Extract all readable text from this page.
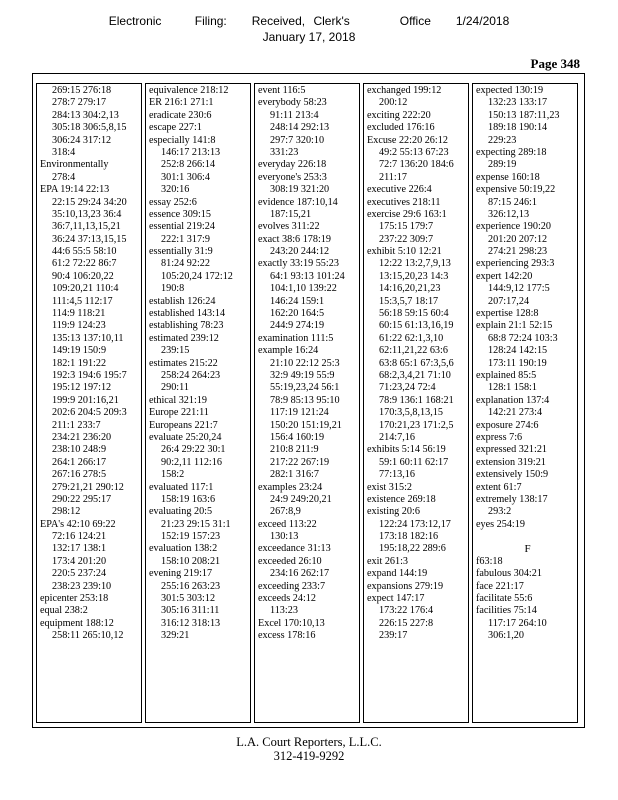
Electronic    Filing:   Received, Clerk's      Office   1/24/2018
January 17, 2018
Page 348
269:15 276:18
278:7 279:17
284:13 304:2,13
305:18 306:5,8,15
306:24 317:12
318:4
Environmentally
278:4
EPA 19:14 22:13
22:15 29:24 34:20
35:10,13,23 36:4
36:7,11,13,15,21
36:24 37:13,15,15
44:6 55:5 58:10
61:2 72:22 86:7
90:4 106:20,22
109:20,21 110:4
111:4,5 112:17
114:9 118:21
119:9 124:23
135:13 137:10,11
149:19 150:9
182:1 191:22
192:3 194:6 195:7
195:12 197:12
199:9 201:16,21
202:6 204:5 209:3
211:1 233:7
234:21 236:20
238:10 248:9
264:1 266:17
267:16 278:5
279:21,21 290:12
290:22 295:17
298:12
EPA's 42:10 69:22
72:16 124:21
132:17 138:1
173:4 201:20
220:5 237:24
238:23 239:10
epicenter 253:18
equal 238:2
equipment 188:12
258:11 265:10,12
equivalence 218:12
ER 216:1 271:1
eradicate 230:6
escape 227:1
especially 141:8
146:17 213:13
252:8 266:14
301:1 306:4
320:16
essay 252:6
essence 309:15
essential 219:24
222:1 317:9
essentially 31:9
81:24 92:22
105:20,24 172:12
190:8
establish 126:24
established 143:14
establishing 78:23
estimated 239:12
239:15
estimates 215:22
258:24 264:23
290:11
ethical 321:19
Europe 221:11
Europeans 221:7
evaluate 25:20,24
26:4 29:22 30:1
90:2,11 112:16
158:2
evaluated 117:1
158:19 163:6
evaluating 20:5
21:23 29:15 31:1
152:19 157:23
evaluation 138:2
158:10 208:21
evening 219:17
255:16 263:23
301:5 303:12
305:16 311:11
316:12 318:13
329:21
event 116:5
everybody 58:23
91:11 213:4
248:14 292:13
297:7 320:10
331:23
everyday 226:18
everyone's 253:3
308:19 321:20
evidence 187:10,14
187:15,21
evolves 311:22
exact 38:6 178:19
243:20 244:12
exactly 33:19 55:23
64:1 93:13 101:24
104:1,10 139:22
146:24 159:1
162:20 164:5
244:9 274:19
examination 111:5
example 16:24
21:10 22:12 25:3
32:9 49:19 55:9
55:19,23,24 56:1
78:9 85:13 95:10
117:19 121:24
150:20 151:19,21
156:4 160:19
210:8 211:9
217:22 267:19
282:1 316:7
examples 23:24
24:9 249:20,21
267:8,9
exceed 113:22
130:13
exceedance 31:13
exceeded 26:10
234:16 262:17
exceeding 233:7
exceeds 24:12
113:23
Excel 170:10,13
excess 178:16
exchanged 199:12
200:12
exciting 222:20
excluded 176:16
Excuse 22:20 26:12
49:2 55:13 67:23
72:7 136:20 184:6
211:17
executive 226:4
executives 218:11
exercise 29:6 163:1
175:15 179:7
237:22 309:7
exhibit 5:10 12:21
12:22 13:2,7,9,13
13:15,20,23 14:3
14:16,20,21,23
15:3,5,7 18:17
56:18 59:15 60:4
60:15 61:13,16,19
61:22 62:1,3,10
62:11,21,22 63:6
63:8 65:1 67:3,5,6
68:2,3,4,21 71:10
71:23,24 72:4
78:9 136:1 168:21
170:3,5,8,13,15
170:21,23 171:2,5
214:7,16
exhibits 5:14 56:19
59:1 60:11 62:17
77:13,16
exist 315:2
existence 269:18
existing 20:6
122:24 173:12,17
173:18 182:16
195:18,22 289:6
exit 261:3
expand 144:19
expansions 279:19
expect 147:17
173:22 176:4
226:15 227:8
239:17
expected 130:19
132:23 133:17
150:13 187:11,23
189:18 190:14
229:23
expecting 289:18
289:19
expense 160:18
expensive 50:19,22
87:15 246:1
326:12,13
experience 190:20
201:20 207:12
274:21 298:23
experiencing 293:3
expert 142:20
144:9,12 177:5
207:17,24
expertise 128:8
explain 21:1 52:15
68:8 72:24 103:3
128:24 142:15
173:11 190:19
explained 85:5
128:1 158:1
explanation 137:4
142:21 273:4
exposure 274:6
express 7:6
expressed 321:21
extension 319:21
extensively 150:9
extent 61:7
extremely 138:17
293:2
eyes 254:19
F
f63:18
fabulous 304:21
face 221:17
facilitate 55:6
facilities 75:14
117:17 264:10
306:1,20
L.A. Court Reporters, L.L.C.
312-419-9292
